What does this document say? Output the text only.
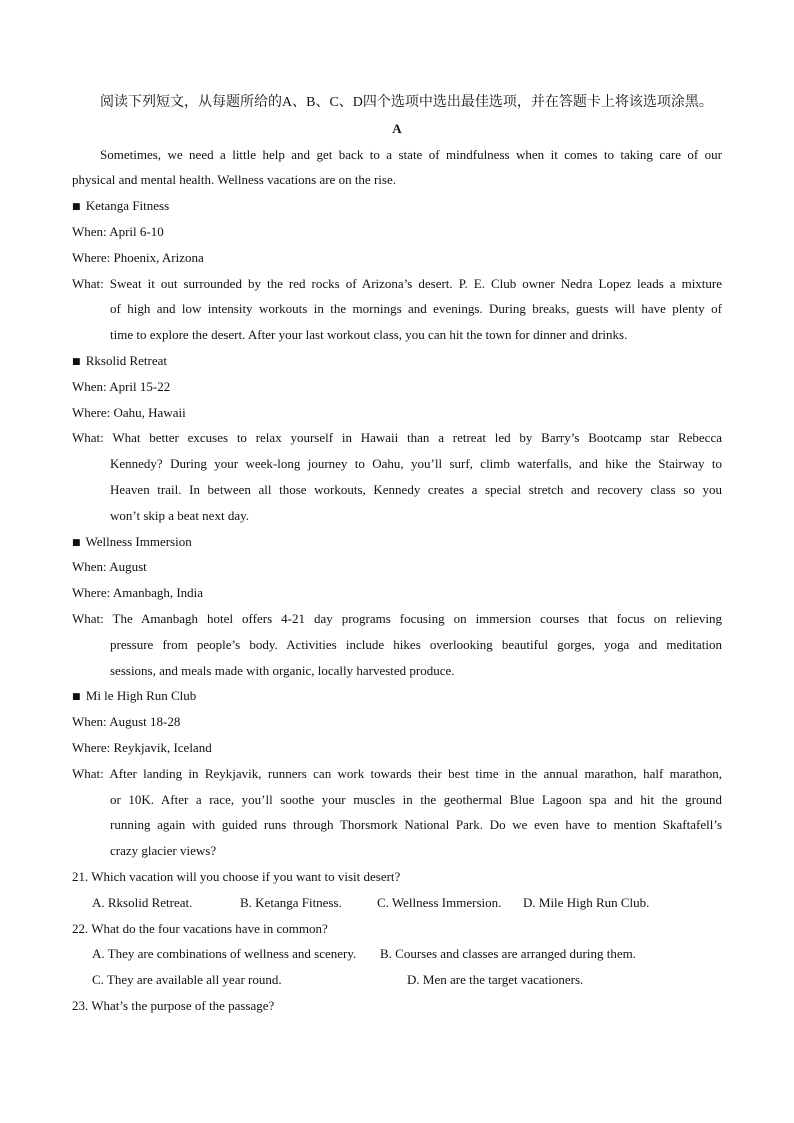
阅读下列短文，从每题所给的A、B、C、D四个选项中选出最佳选项，并在答题卡上将该选项涂黑。
A
Sometimes, we need a little help and get back to a state of mindfulness when it comes to taking care of our
physical and mental health. Wellness vacations are on the rise.
■ Ketanga Fitness
When: April 6-10
Where: Phoenix, Arizona
What: Sweat it out surrounded by the red rocks of Arizona’s desert. P. E. Club owner Nedra Lopez leads a mixture
of high and low intensity workouts in the mornings and evenings. During breaks, guests will have plenty of
time to explore the desert. After your last workout class, you can hit the town for dinner and drinks.
■ Rksolid Retreat
When: April 15-22
Where: Oahu, Hawaii
What: What better excuses to relax yourself in Hawaii than a retreat led by Barry’s Bootcamp star Rebecca
Kennedy? During your week-long journey to Oahu, you’ll surf, climb waterfalls, and hike the Stairway to
Heaven trail. In between all those workouts, Kennedy creates a special stretch and recovery class so you
won’t skip a beat next day.
■ Wellness Immersion
When: August
Where: Amanbagh, India
What: The Amanbagh hotel offers 4-21 day programs focusing on immersion courses that focus on relieving
pressure from people’s body. Activities include hikes overlooking beautiful gorges, yoga and meditation
sessions, and meals made with organic, locally harvested produce.
■ Mi le High Run Club
When: August 18-28
Where: Reykjavik, Iceland
What: After landing in Reykjavik, runners can work towards their best time in the annual marathon, half marathon,
or 10K. After a race, you’ll soothe your muscles in the geothermal Blue Lagoon spa and hit the ground
running again with guided runs through Thorsmork National Park. Do we even have to mention Skaftafell’s
crazy glacier views?
21. Which vacation will you choose if you want to visit desert?
A. Rksolid Retreat.	B. Ketanga Fitness.	C. Wellness Immersion. D. Mile High Run Club.
22. What do the four vacations have in common?
A. They are combinations of wellness and scenery. B. Courses and classes are arranged during them.
C. They are available all year round.	D. Men are the target vacationers.
23. What’s the purpose of the passage?
